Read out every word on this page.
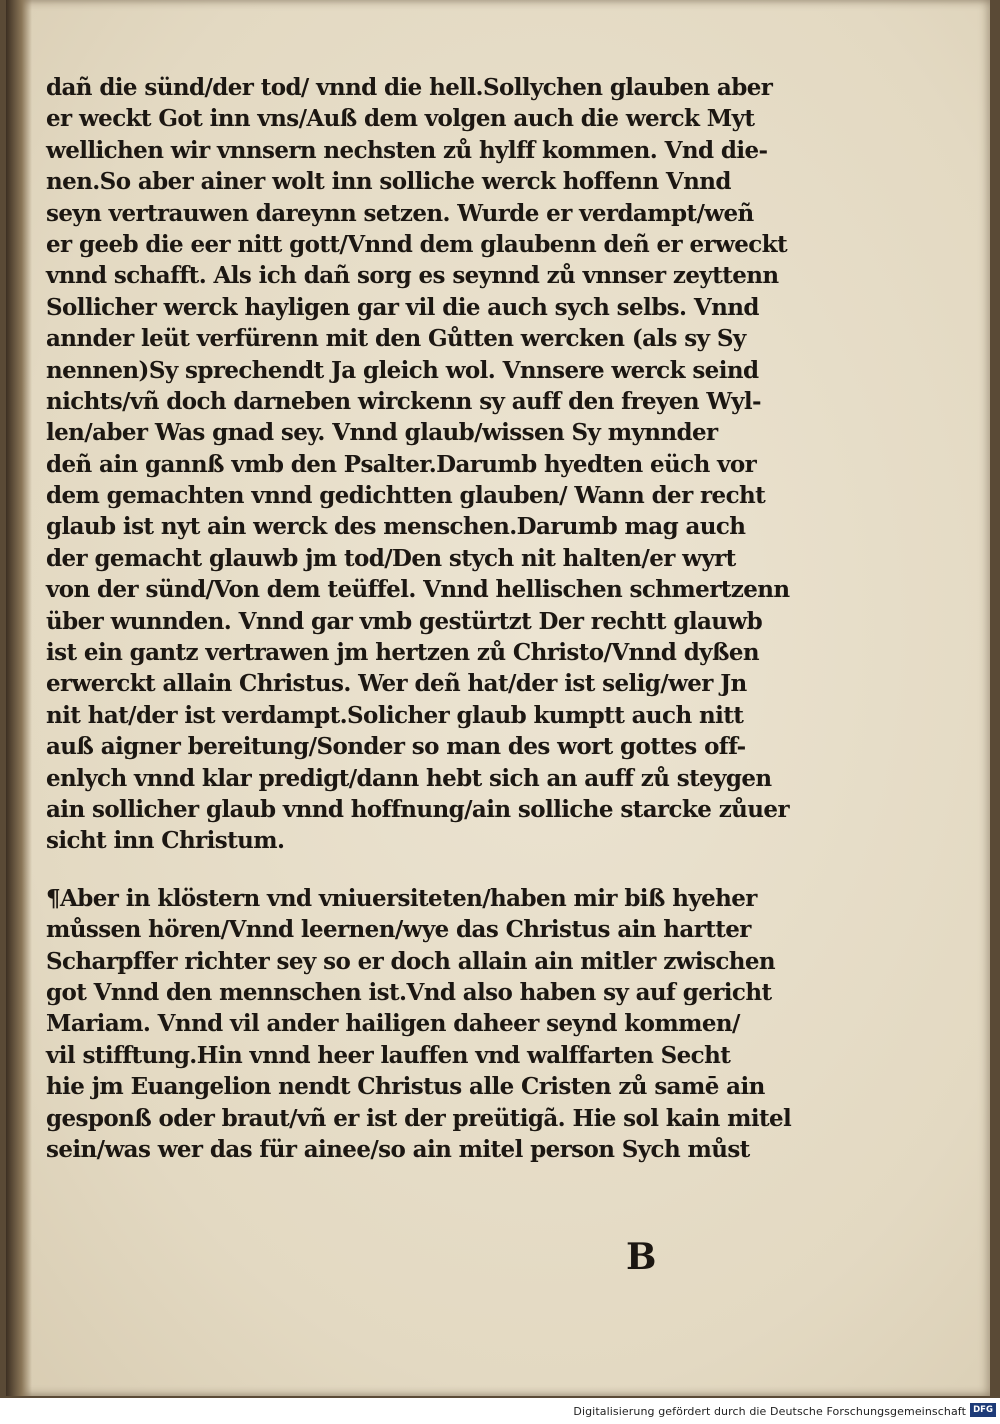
dañ die sünd/der tod/ vnnd die hell.Sollychen glauben aber
er weckt Got inn vns/Auß dem volgen auch die werck Myt
wellichen wir vnnsern nechsten zů hylff kommen. Vnd die-
nen.So aber ainer wolt inn solliche werck hoffenn Vnnd
seyn vertrauwen dareynn setzen. Wurde er verdampt/weñ
er geeb die eer nitt gott/Vnnd dem glaubenn deñ er erweckt
vnnd schafft. Als ich dañ sorg es seynnd zů vnnser zeyttenn
Sollicher werck hayligen gar vil die auch sych selbs. Vnnd
annder leüt verfürenn mit den Gůtten wercken (als sy Sy
nennen)Sy sprechendt Ja gleich wol. Vnnsere werck seind
nichts/vñ doch darneben wirckenn sy auff den freyen Wyl-
len/aber Was gnad sey. Vnnd glaub/wissen Sy mynnder
deñ ain gannß vmb den Psalter.Darumb hyedten eüch vor
dem gemachten vnnd gedichtten glauben/ Wann der recht
glaub ist nyt ain werck des menschen.Darumb mag auch
der gemacht glauwb jm tod/Den stych nit halten/er wyrt
von der sünd/Von dem teüffel. Vnnd hellischen schmertzenn
über wunnden. Vnnd gar vmb gestürtzt Der rechtt glauwb
ist ein gantz vertrawen jm hertzen zů Christo/Vnnd dyßen
erwerckt allain Christus. Wer deñ hat/der ist selig/wer Jn
nit hat/der ist verdampt.Solicher glaub kumptt auch nitt
auß aigner bereitung/Sonder so man des wort gottes off-
enlych vnnd klar predigt/dann hebt sich an auff zů steygen
ain sollicher glaub vnnd hoffnung/ain solliche starcke zůuer
sicht inn Christum.
¶Aber in klöstern vnd vniuersiteten/haben mir biß hyeher
můssen hören/Vnnd leernen/wye das Christus ain hartter
Scharpffer richter sey so er doch allain ain mitler zwischen
got Vnnd den mennschen ist.Vnd also haben sy auf gericht
Mariam. Vnnd vil ander hailigen daheer seynd kommen/
vil stifftung.Hin vnnd heer lauffen vnd walffarten Secht
hie jm Euangelion nendt Christus alle Cristen zů samē ain
gesponß oder braut/vñ er ist der preütigã. Hie sol kain mitel
sein/was wer das für ainee/so ain mitel person Sych můst
B
Digitalisierung gefördert durch die Deutsche Forschungsgemeinschaft DFG
